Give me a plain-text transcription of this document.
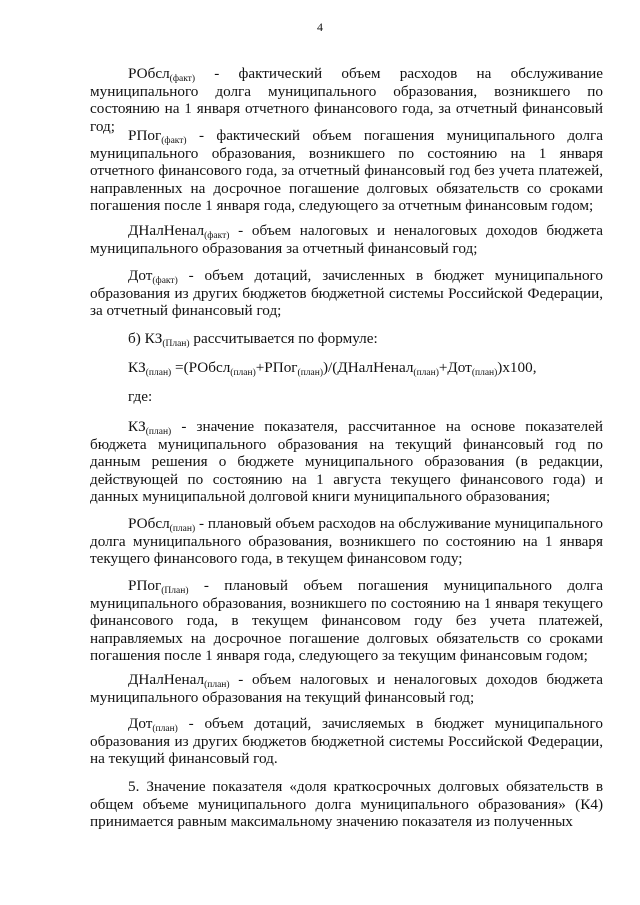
4

РОбсл$_{(факт)}$ - фактический объем расходов на обслуживание муниципального долга муниципального образования, возникшего по состоянию на 1 января отчетного финансового года, за отчетный финансовый год;

РПог$_{(факт)}$ - фактический объем погашения муниципального долга муниципального образования, возникшего по состоянию на 1 января отчетного финансового года, за отчетный финансовый год без учета платежей, направленных на досрочное погашение долговых обязательств со сроками погашения после 1 января года, следующего за отчетным финансовым годом;

ДНалНенал$_{(факт)}$ - объем налоговых и неналоговых доходов бюджета муниципального образования за отчетный финансовый год;

Дот$_{(факт)}$ - объем дотаций, зачисленных в бюджет муниципального образования из других бюджетов бюджетной системы Российской Федерации, за отчетный финансовый год;

б) $КЗ_{(План)}$ рассчитывается по формуле:

$КЗ_{(план)}$ =(РОбсл$_{(план)}$+РПог$_{(план)}$)/(ДНалНенал$_{(план)}$+Дот$_{(план)}$)х100,

где:

$КЗ_{(план)}$ - значение показателя, рассчитанное на основе показателей бюджета муниципального образования на текущий финансовый год по данным решения о бюджете муниципального образования (в редакции, действующей по состоянию на 1 августа текущего финансового года) и данных муниципальной долговой книги муниципального образования;

РОбсл$_{(план)}$ - плановый объем расходов на обслуживание муниципального долга муниципального образования, возникшего по состоянию на 1 января текущего финансового года, в текущем финансовом году;

РПог$_{(План)}$ - плановый объем погашения муниципального долга муниципального образования, возникшего по состоянию на 1 января текущего финансового года, в текущем финансовом году без учета платежей, направляемых на досрочное погашение долговых обязательств со сроками погашения после 1 января года, следующего за текущим финансовым годом;

ДНалНенал$_{(план)}$ - объем налоговых и неналоговых доходов бюджета муниципального образования на текущий финансовый год;

Дот$_{(план)}$ - объем дотаций, зачисляемых в бюджет муниципального образования из других бюджетов бюджетной системы Российской Федерации, на текущий финансовый год.

5. Значение показателя «доля краткосрочных долговых обязательств в общем объеме муниципального долга муниципального образования» (К4) принимается равным максимальному значению показателя из полученных
